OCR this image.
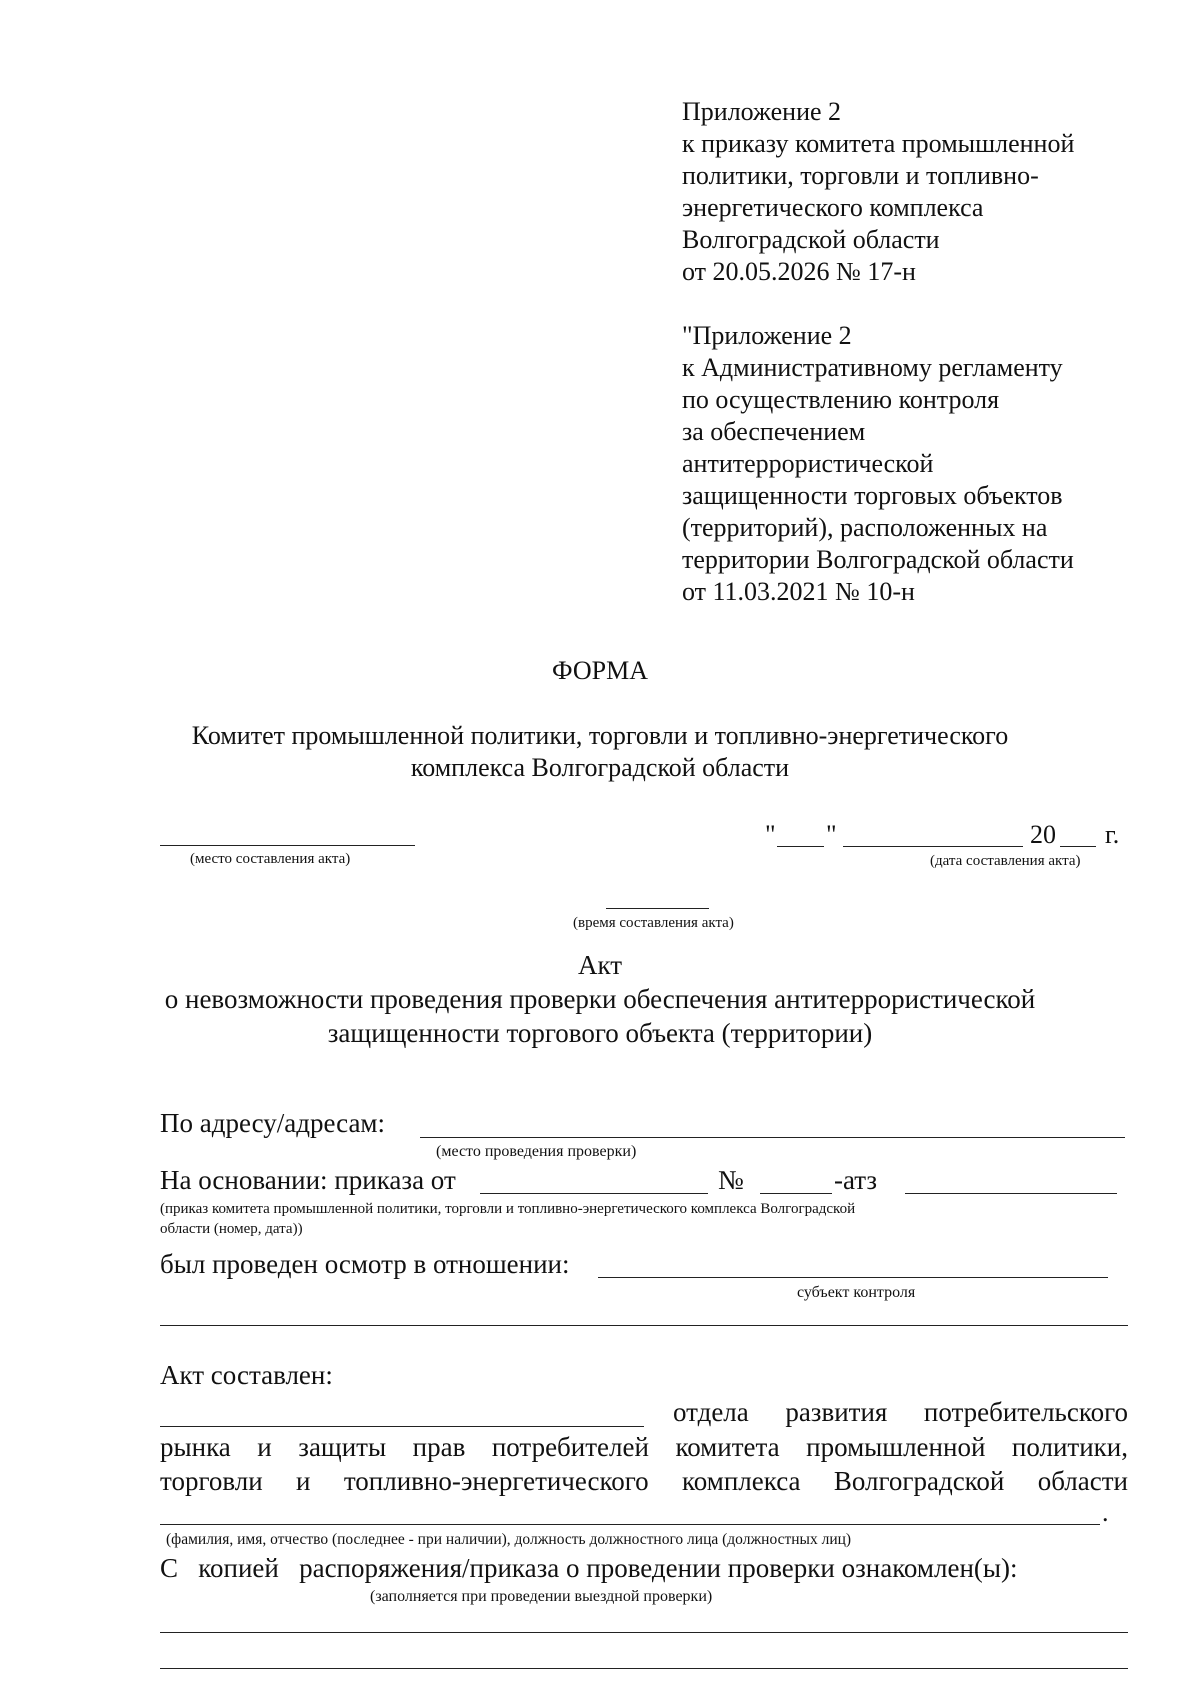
Приложение 2
к приказу комитета промышленной
политики, торговли и топливно-
энергетического комплекса
Волгоградской области
от 20.05.2026 № 17-н
"Приложение 2
к Административному регламенту
по осуществлению контроля
за обеспечением
антитеррористической
защищенности торговых объектов
(территорий), расположенных на
территории Волгоградской области
от 11.03.2021 № 10-н
ФОРМА
Комитет промышленной политики, торговли и топливно-энергетического
комплекса Волгоградской области
(место составления акта)
" "	20 г.
(дата составления акта)
(время составления акта)
Акт
о невозможности проведения проверки обеспечения антитеррористической
защищенности торгового объекта (территории)
По адресу/адресам:
(место проведения проверки)
На основании: приказа от	№	-атз
(приказ комитета промышленной политики, торговли и топливно-энергетического комплекса Волгоградской
области (номер, дата))
был проведен осмотр в отношении:
субъект контроля
Акт составлен:
отдела развития потребительского
рынка и защиты прав потребителей комитета промышленной политики,
торговли и топливно-энергетического комплекса Волгоградской области
.
(фамилия, имя, отчество (последнее - при наличии), должность должностного лица (должностных лиц)
С   копией   распоряжения/приказа о проведении проверки ознакомлен(ы):
(заполняется при проведении выездной проверки)
